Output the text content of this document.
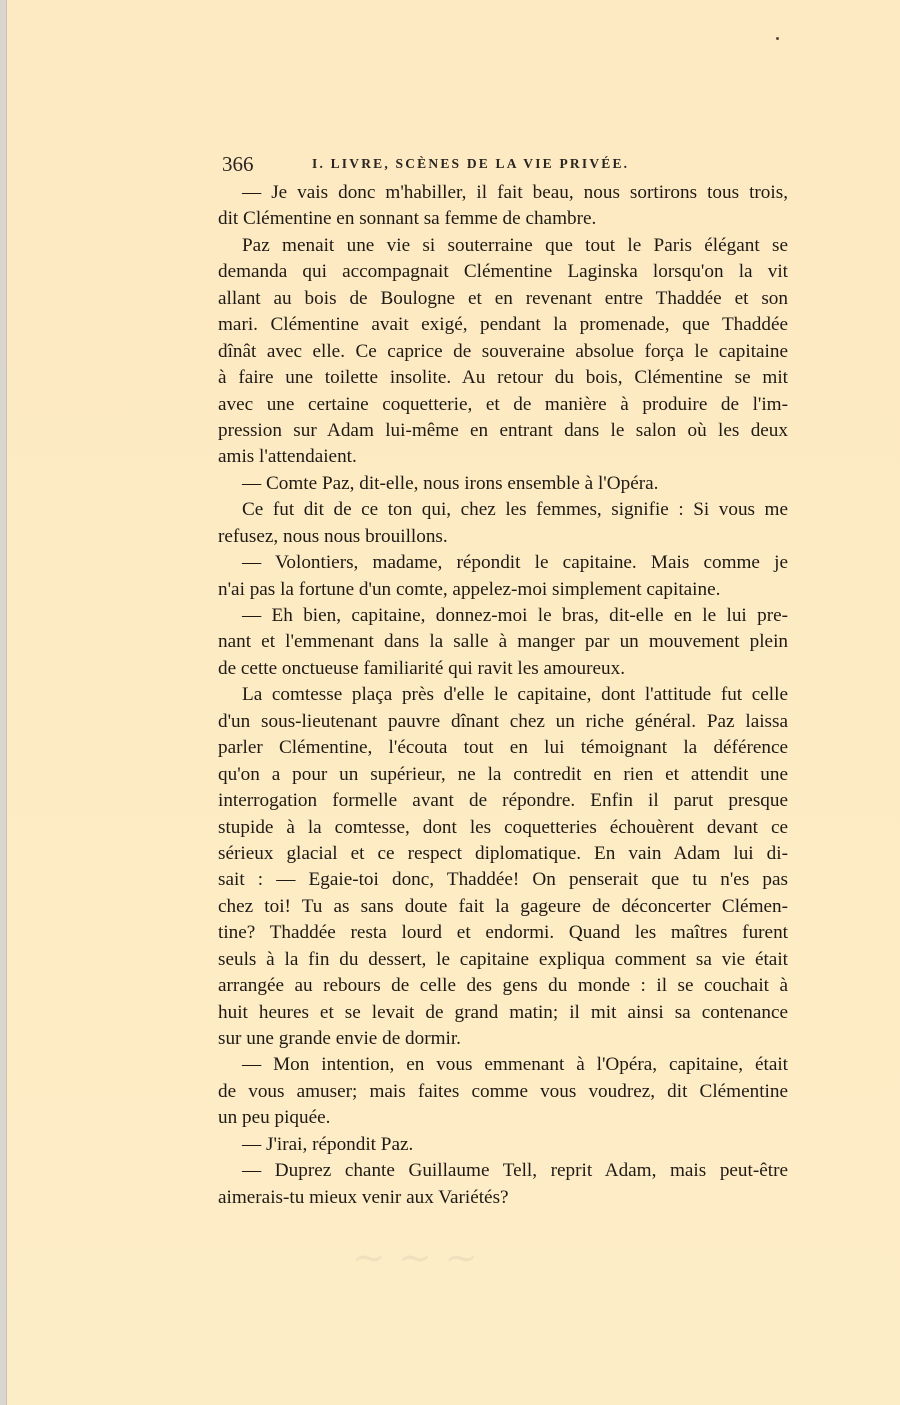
~ ~ ~
366	I. LIVRE, SCÈNES DE LA VIE PRIVÉE.
— Je vais donc m'habiller, il fait beau, nous sortirons tous trois,
dit Clémentine en sonnant sa femme de chambre.
Paz menait une vie si souterraine que tout le Paris élégant se
demanda qui accompagnait Clémentine Laginska lorsqu'on la vit
allant au bois de Boulogne et en revenant entre Thaddée et son
mari. Clémentine avait exigé, pendant la promenade, que Thaddée
dînât avec elle. Ce caprice de souveraine absolue força le capitaine
à faire une toilette insolite. Au retour du bois, Clémentine se mit
avec une certaine coquetterie, et de manière à produire de l'im-
pression sur Adam lui-même en entrant dans le salon où les deux
amis l'attendaient.
— Comte Paz, dit-elle, nous irons ensemble à l'Opéra.
Ce fut dit de ce ton qui, chez les femmes, signifie : Si vous me
refusez, nous nous brouillons.
— Volontiers, madame, répondit le capitaine. Mais comme je
n'ai pas la fortune d'un comte, appelez-moi simplement capitaine.
— Eh bien, capitaine, donnez-moi le bras, dit-elle en le lui pre-
nant et l'emmenant dans la salle à manger par un mouvement plein
de cette onctueuse familiarité qui ravit les amoureux.
La comtesse plaça près d'elle le capitaine, dont l'attitude fut celle
d'un sous-lieutenant pauvre dînant chez un riche général. Paz laissa
parler Clémentine, l'écouta tout en lui témoignant la déférence
qu'on a pour un supérieur, ne la contredit en rien et attendit une
interrogation formelle avant de répondre. Enfin il parut presque
stupide à la comtesse, dont les coquetteries échouèrent devant ce
sérieux glacial et ce respect diplomatique. En vain Adam lui di-
sait : — Egaie-toi donc, Thaddée! On penserait que tu n'es pas
chez toi! Tu as sans doute fait la gageure de déconcerter Clémen-
tine? Thaddée resta lourd et endormi. Quand les maîtres furent
seuls à la fin du dessert, le capitaine expliqua comment sa vie était
arrangée au rebours de celle des gens du monde : il se couchait à
huit heures et se levait de grand matin; il mit ainsi sa contenance
sur une grande envie de dormir.
— Mon intention, en vous emmenant à l'Opéra, capitaine, était
de vous amuser; mais faites comme vous voudrez, dit Clémentine
un peu piquée.
— J'irai, répondit Paz.
— Duprez chante Guillaume Tell, reprit Adam, mais peut-être
aimerais-tu mieux venir aux Variétés?
